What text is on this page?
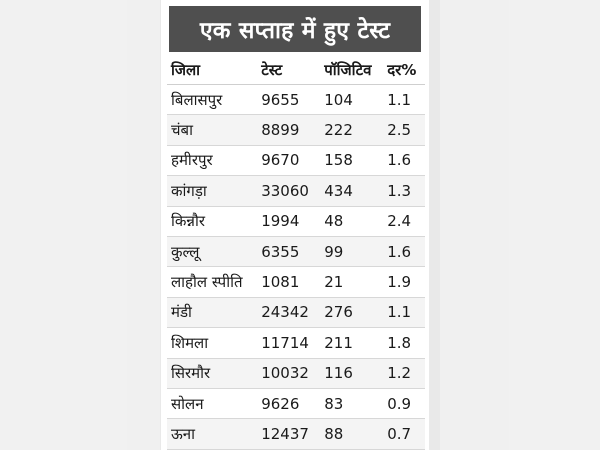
एक सप्ताह में हुए टेस्ट
जिला	टेस्ट	पॉजिटिव	दर%
बिलासपुर	9655	104	1.1
चंबा	8899	222	2.5
हमीरपुर	9670	158	1.6
कांगड़ा	33060	434	1.3
किन्नौर	1994	48	2.4
कुल्लू	6355	99	1.6
लाहौल स्पीति	1081	21	1.9
मंडी	24342	276	1.1
शिमला	11714	211	1.8
सिरमौर	10032	116	1.2
सोलन	9626	83	0.9
ऊना	12437	88	0.7
